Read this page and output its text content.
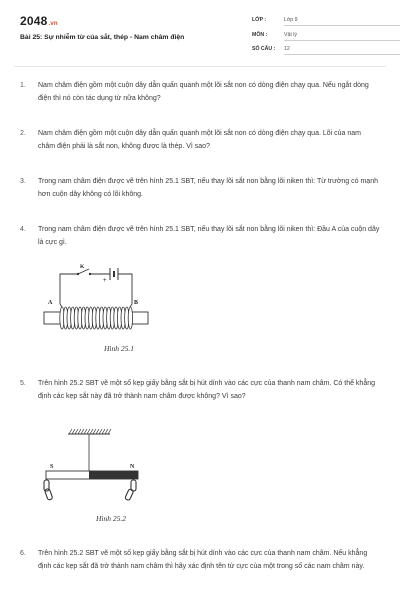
2048.vn
Bài 25: Sự nhiễm từ của sắt, thép - Nam châm điện
LỚP :	Lớp 9
MÔN :	Vật lý
SỐ CÂU :	12
1. Nam châm điện gồm một cuộn dây dẫn quấn quanh một lõi sắt non có dòng điện chạy qua. Nếu ngắt dòng điện thì nó còn tác dụng từ nữa không?
2. Nam châm điện gồm một cuộn dây dẫn quấn quanh một lõi sắt non có dòng điện chạy qua. Lõi của nam châm điện phải là sắt non, không được là thép. Vì sao?
3. Trong nam châm điện được vẽ trên hình 25.1 SBT, nếu thay lõi sắt non bằng lõi niken thì: Từ trường có mạnh hơn cuộn dây không có lõi không.
4. Trong nam châm điện được vẽ trên hình 25.1 SBT, nếu thay lõi sắt non bằng lõi niken thì: Đầu A của cuộn dây là cực gì.
K
+
A	B
Hình 25.1
5. Trên hình 25.2 SBT vẽ một số kẹp giấy bằng sắt bị hút dính vào các cực của thanh nam châm. Có thể khẳng định các kẹp sắt này đã trở thành nam châm được không? Vì sao?
S	N
Hình 25.2
6. Trên hình 25.2 SBT vẽ một số kẹp giấy bằng sắt bị hút dính vào các cực của thanh nam châm. Nếu khẳng định các kẹp sắt đã trở thành nam châm thì hãy xác định tên từ cực của một trong số các nam châm này.
